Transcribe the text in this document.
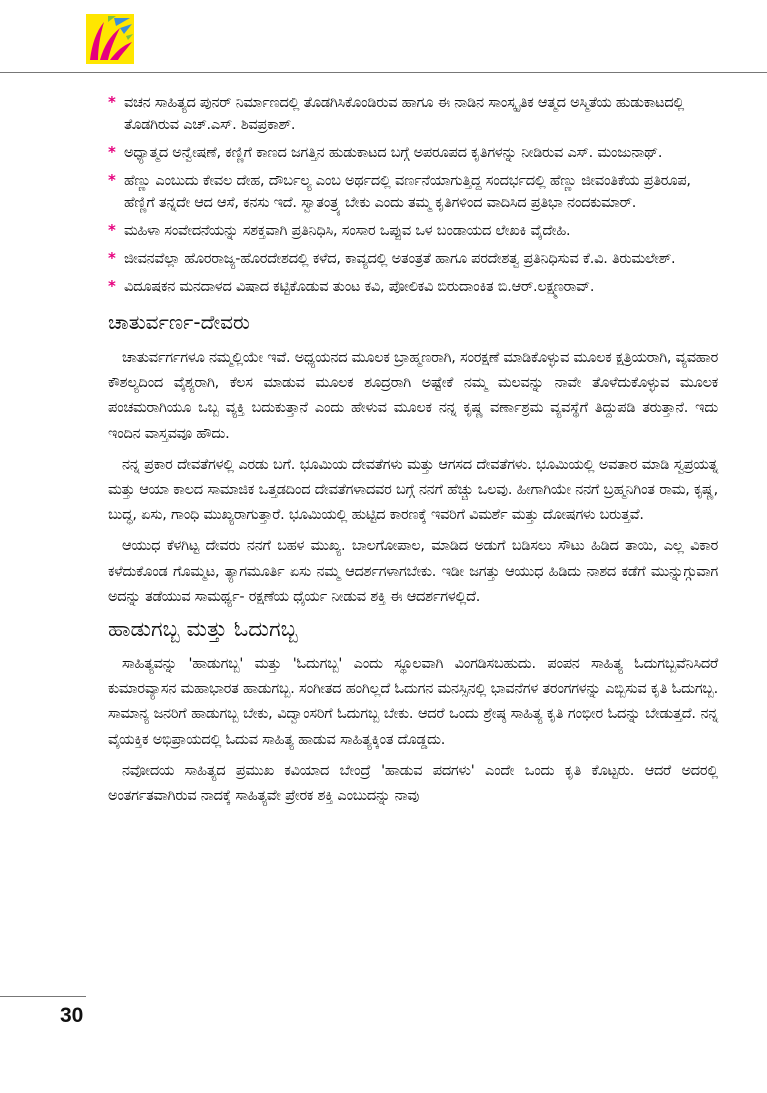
* ವಚನ ಸಾಹಿತ್ಯದ ಪುನರ್ ನಿರ್ಮಾಣದಲ್ಲಿ ತೊಡಗಿಸಿಕೊಂಡಿರುವ ಹಾಗೂ ಈ ನಾಡಿನ ಸಾಂಸ್ಕೃತಿಕ ಆತ್ಮದ ಅಸ್ಮಿತೆಯ ಹುಡುಕಾಟದಲ್ಲಿ ತೊಡಗಿರುವ ಎಚ್.ಎಸ್. ಶಿವಪ್ರಕಾಶ್.
* ಅಧ್ಯಾತ್ಮದ ಅನ್ವೇಷಣೆ, ಕಣ್ಣಿಗೆ ಕಾಣದ ಜಗತ್ತಿನ ಹುಡುಕಾಟದ ಬಗ್ಗೆ ಅಪರೂಪದ ಕೃತಿಗಳನ್ನು ನೀಡಿರುವ ಎಸ್. ಮಂಜುನಾಥ್.
* ಹೆಣ್ಣು ಎಂಬುದು ಕೇವಲ ದೇಹ, ದೌರ್ಬಲ್ಯ ಎಂಬ ಅರ್ಥದಲ್ಲಿ ವರ್ಣನೆಯಾಗುತ್ತಿದ್ದ ಸಂದರ್ಭದಲ್ಲಿ ಹೆಣ್ಣು ಜೀವಂತಿಕೆಯ ಪ್ರತಿರೂಪ, ಹೆಣ್ಣಿಗೆ ತನ್ನದೇ ಆದ ಆಸೆ, ಕನಸು ಇದೆ. ಸ್ವಾತಂತ್ರ್ಯ ಬೇಕು ಎಂದು ತಮ್ಮ ಕೃತಿಗಳಿಂದ ವಾದಿಸಿದ ಪ್ರತಿಭಾ ನಂದಕುಮಾರ್.
* ಮಹಿಳಾ ಸಂವೇದನೆಯನ್ನು ಸಶಕ್ತವಾಗಿ ಪ್ರತಿನಿಧಿಸಿ, ಸಂಸಾರ ಒಪ್ಪುವ ಒಳ ಬಂಡಾಯದ ಲೇಖಕಿ ವೈದೇಹಿ.
* ಜೀವನವೆಲ್ಲಾ ಹೊರರಾಜ್ಯ-ಹೊರದೇಶದಲ್ಲಿ ಕಳೆದ, ಕಾವ್ಯದಲ್ಲಿ ಅತಂತ್ರತೆ ಹಾಗೂ ಪರದೇಶತ್ವ ಪ್ರತಿನಿಧಿಸುವ ಕೆ.ವಿ. ತಿರುಮಲೇಶ್.
* ವಿದೂಷಕನ ಮನದಾಳದ ವಿಷಾದ ಕಟ್ಟಿಕೊಡುವ ತುಂಟ ಕವಿ, ಪೋಲಿಕವಿ ಬಿರುದಾಂಕಿತ ಬಿ.ಆರ್.ಲಕ್ಷ್ಮಣರಾವ್.
ಚಾತುರ್ವರ್ಣ-ದೇವರು

ಚಾತುರ್ವರ್ಗಗಳೂ ನಮ್ಮಲ್ಲಿಯೇ ಇವೆ. ಅಧ್ಯಯನದ ಮೂಲಕ ಬ್ರಾಹ್ಮಣರಾಗಿ, ಸಂರಕ್ಷಣೆ ಮಾಡಿಕೊಳ್ಳುವ ಮೂಲಕ ಕ್ಷತ್ರಿಯರಾಗಿ, ವ್ಯವಹಾರ ಕೌಶಲ್ಯದಿಂದ ವೈಶ್ಯರಾಗಿ, ಕೆಲಸ ಮಾಡುವ ಮೂಲಕ ಶೂದ್ರರಾಗಿ ಅಷ್ಟೇಕೆ ನಮ್ಮ ಮಲವನ್ನು ನಾವೇ ತೊಳೆದುಕೊಳ್ಳುವ ಮೂಲಕ ಪಂಚಮರಾಗಿಯೂ ಒಬ್ಬ ವ್ಯಕ್ತಿ ಬದುಕುತ್ತಾನೆ ಎಂದು ಹೇಳುವ ಮೂಲಕ ನನ್ನ ಕೃಷ್ಣ ವರ್ಣಾಶ್ರಮ ವ್ಯವಸ್ಥೆಗೆ ತಿದ್ದುಪಡಿ ತರುತ್ತಾನೆ. ಇದು ಇಂದಿನ ವಾಸ್ತವವೂ ಹೌದು.

ನನ್ನ ಪ್ರಕಾರ ದೇವತೆಗಳಲ್ಲಿ ಎರಡು ಬಗೆ. ಭೂಮಿಯ ದೇವತೆಗಳು ಮತ್ತು ಆಗಸದ ದೇವತೆಗಳು. ಭೂಮಿಯಲ್ಲಿ ಅವತಾರ ಮಾಡಿ ಸ್ವಪ್ರಯತ್ನ ಮತ್ತು ಆಯಾ ಕಾಲದ ಸಾಮಾಜಿಕ ಒತ್ತಡದಿಂದ ದೇವತೆಗಳಾದವರ ಬಗ್ಗೆ ನನಗೆ ಹೆಚ್ಚು ಒಲವು. ಹೀಗಾಗಿಯೇ ನನಗೆ ಬ್ರಹ್ಮನಿಗಿಂತ ರಾಮ, ಕೃಷ್ಣ, ಬುದ್ಧ, ಏಸು, ಗಾಂಧಿ ಮುಖ್ಯರಾಗುತ್ತಾರೆ. ಭೂಮಿಯಲ್ಲಿ ಹುಟ್ಟಿದ ಕಾರಣಕ್ಕೆ ಇವರಿಗೆ ವಿಮರ್ಶೆ ಮತ್ತು ದೋಷಗಳು ಬರುತ್ತವೆ.

ಆಯುಧ ಕೆಳಗಿಟ್ಟ ದೇವರು ನನಗೆ ಬಹಳ ಮುಖ್ಯ. ಬಾಲಗೋಪಾಲ, ಮಾಡಿದ ಅಡುಗೆ ಬಡಿಸಲು ಸೌಟು ಹಿಡಿದ ತಾಯಿ, ಎಲ್ಲ ವಿಕಾರ ಕಳೆದುಕೊಂಡ ಗೊಮ್ಮಟ, ತ್ಯಾಗಮೂರ್ತಿ ಏಸು ನಮ್ಮ ಆದರ್ಶಗಳಾಗಬೇಕು. ಇಡೀ ಜಗತ್ತು ಆಯುಧ ಹಿಡಿದು ನಾಶದ ಕಡೆಗೆ ಮುನ್ನುಗ್ಗುವಾಗ ಅದನ್ನು ತಡೆಯುವ ಸಾಮರ್ಥ್ಯ- ರಕ್ಷಣೆಯ ಧೈರ್ಯ ನೀಡುವ ಶಕ್ತಿ ಈ ಆದರ್ಶಗಳಲ್ಲಿದೆ.

ಹಾಡುಗಬ್ಬ ಮತ್ತು ಓದುಗಬ್ಬ

ಸಾಹಿತ್ಯವನ್ನು 'ಹಾಡುಗಬ್ಬ' ಮತ್ತು 'ಓದುಗಬ್ಬ' ಎಂದು ಸ್ಥೂಲವಾಗಿ ವಿಂಗಡಿಸಬಹುದು. ಪಂಪನ ಸಾಹಿತ್ಯ ಓದುಗಬ್ಬವೆನಿಸಿದರೆ ಕುಮಾರವ್ಯಾಸನ ಮಹಾಭಾರತ ಹಾಡುಗಬ್ಬ. ಸಂಗೀತದ ಹಂಗಿಲ್ಲದೆ ಓದುಗನ ಮನಸ್ಸಿನಲ್ಲಿ ಭಾವನೆಗಳ ತರಂಗಗಳನ್ನು ಎಬ್ಬಿಸುವ ಕೃತಿ ಓದುಗಬ್ಬ. ಸಾಮಾನ್ಯ ಜನರಿಗೆ ಹಾಡುಗಬ್ಬ ಬೇಕು, ವಿದ್ವಾಂಸರಿಗೆ ಓದುಗಬ್ಬ ಬೇಕು. ಆದರೆ ಒಂದು ಶ್ರೇಷ್ಠ ಸಾಹಿತ್ಯ ಕೃತಿ ಗಂಭೀರ ಓದನ್ನು ಬೇಡುತ್ತದೆ. ನನ್ನ ವೈಯಕ್ತಿಕ ಅಭಿಪ್ರಾಯದಲ್ಲಿ ಓದುವ ಸಾಹಿತ್ಯ ಹಾಡುವ ಸಾಹಿತ್ಯಕ್ಕಿಂತ ದೊಡ್ಡದು.

ನವೋದಯ ಸಾಹಿತ್ಯದ ಪ್ರಮುಖ ಕವಿಯಾದ ಬೇಂದ್ರೆ 'ಹಾಡುವ ಪದಗಳು' ಎಂದೇ ಒಂದು ಕೃತಿ ಕೊಟ್ಟರು. ಆದರೆ ಅದರಲ್ಲಿ ಅಂತರ್ಗತವಾಗಿರುವ ನಾದಕ್ಕೆ ಸಾಹಿತ್ಯವೇ ಪ್ರೇರಕ ಶಕ್ತಿ ಎಂಬುದನ್ನು ನಾವು

30
